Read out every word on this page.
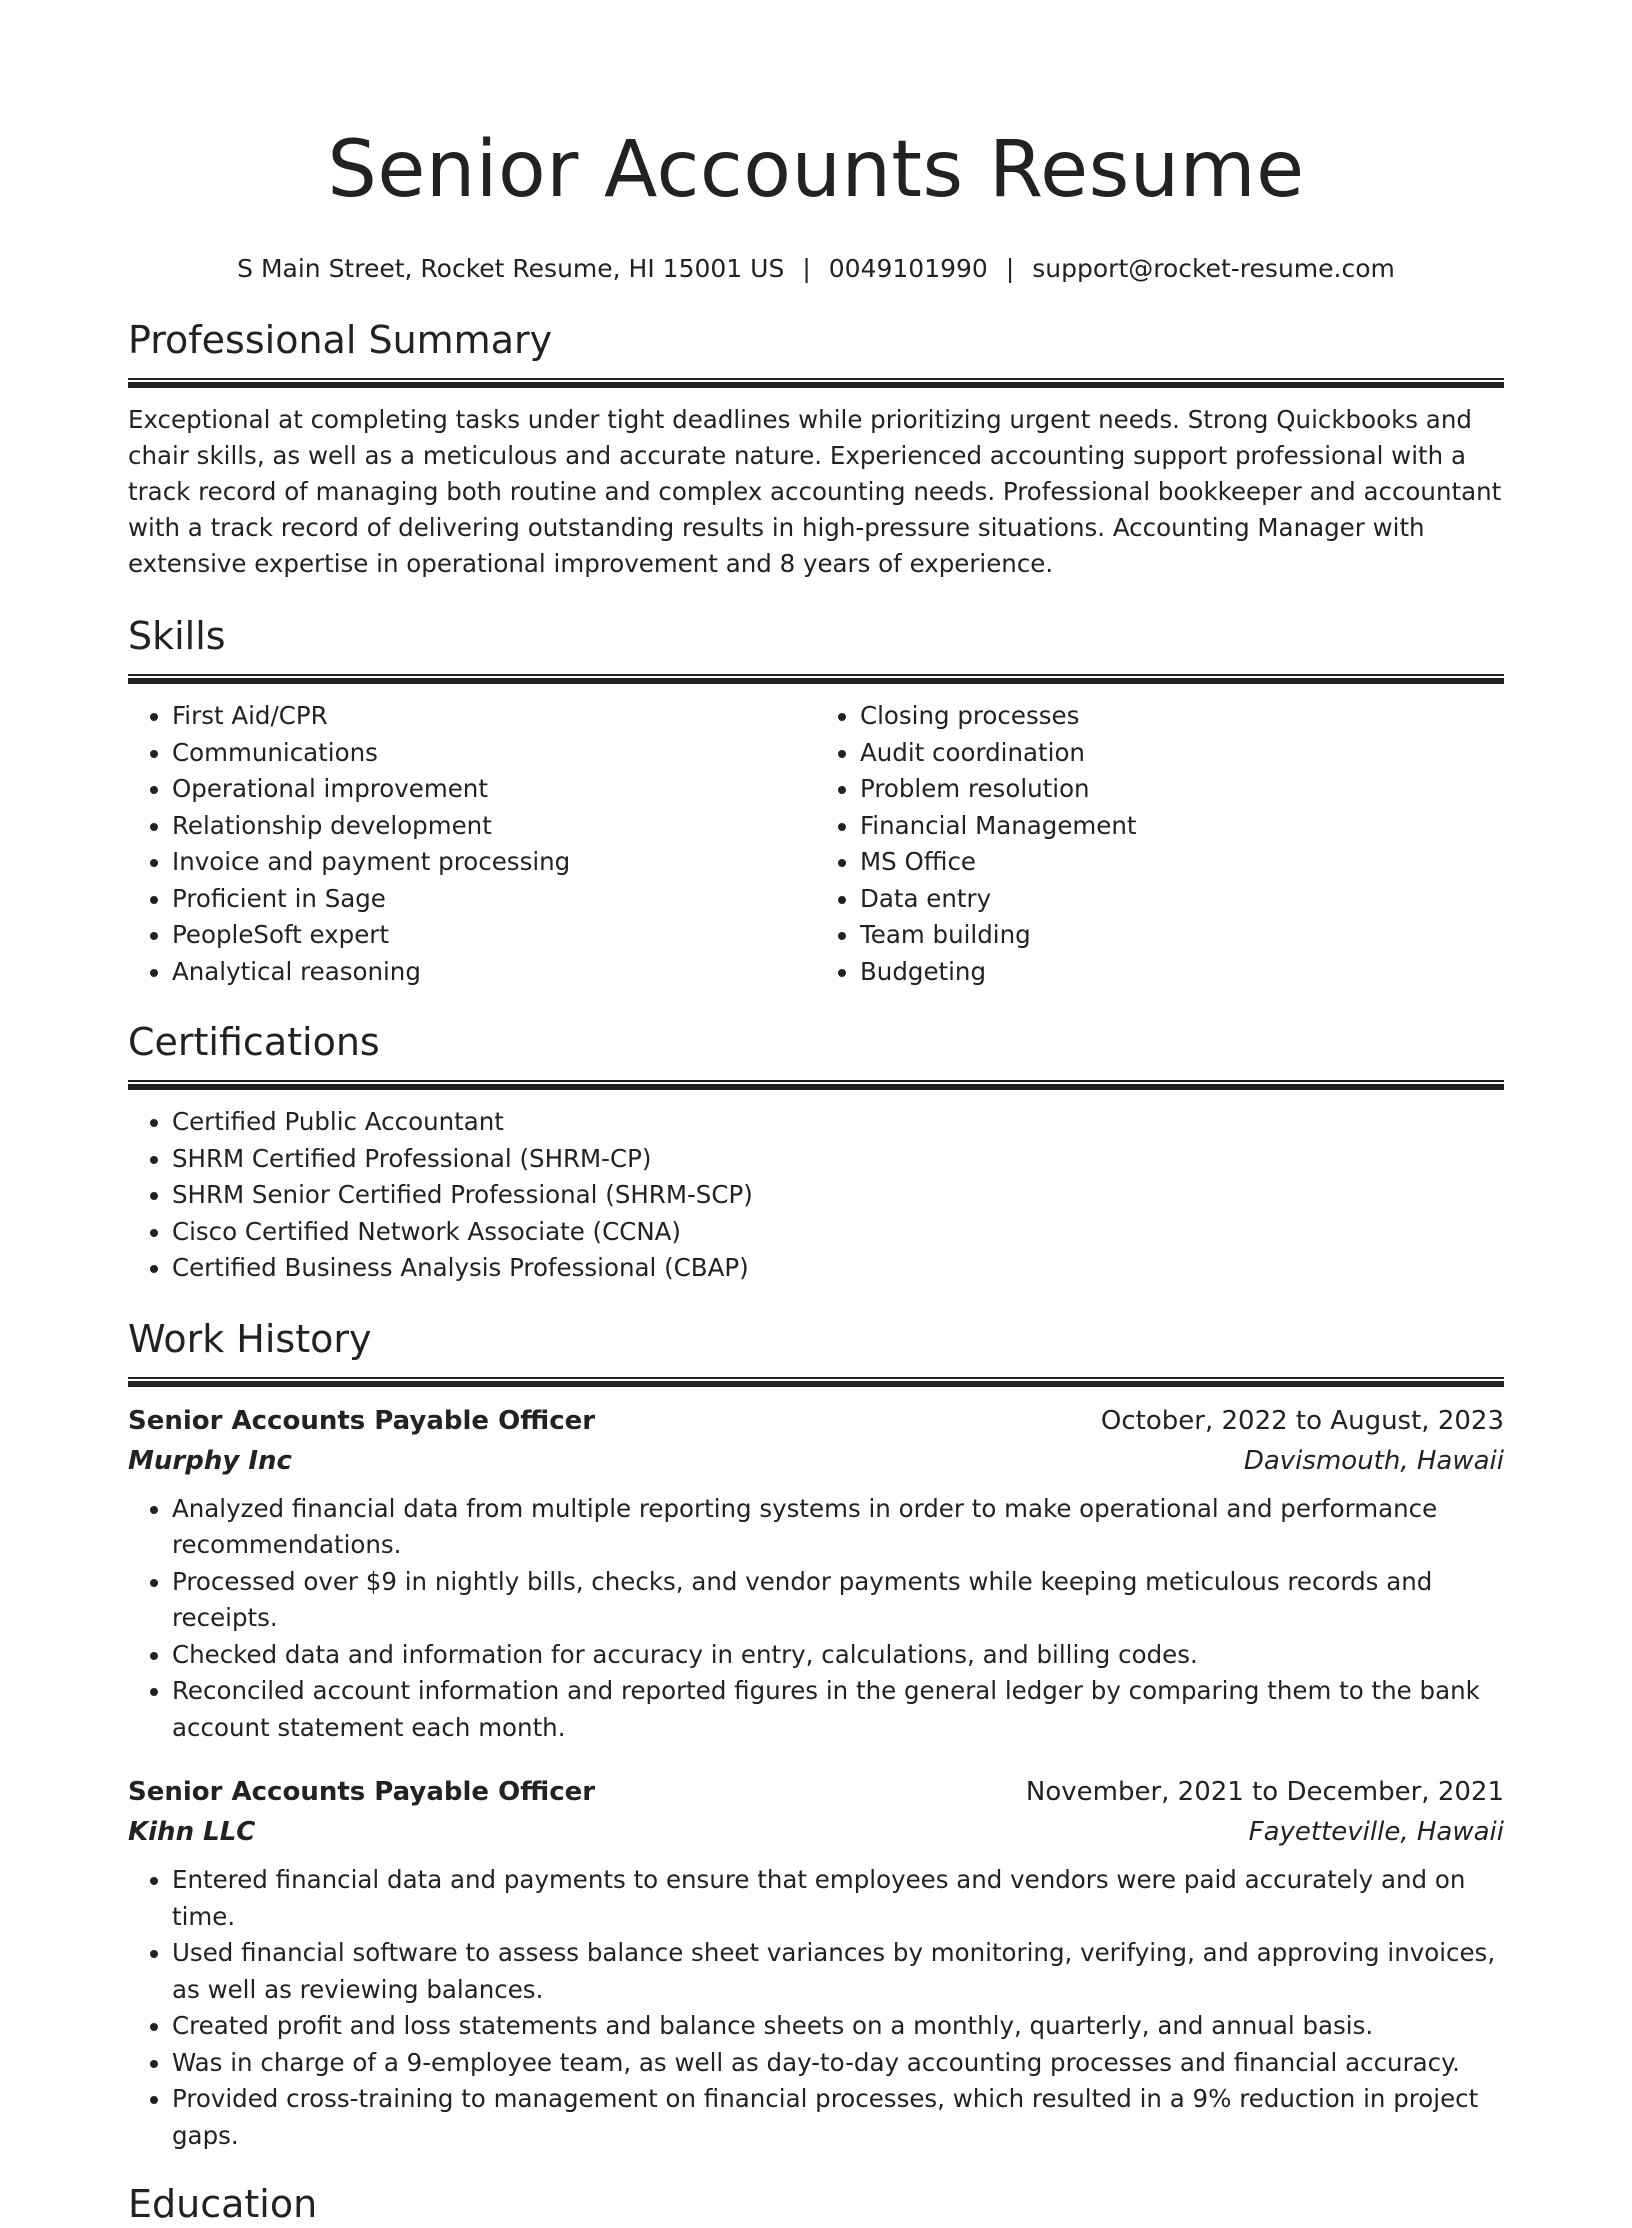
Senior Accounts Resume
S Main Street, Rocket Resume, HI 15001 US | 0049101990 | support@rocket-resume.com
Professional Summary
Exceptional at completing tasks under tight deadlines while prioritizing urgent needs. Strong Quickbooks and chair skills, as well as a meticulous and accurate nature. Experienced accounting support professional with a track record of managing both routine and complex accounting needs. Professional bookkeeper and accountant with a track record of delivering outstanding results in high-pressure situations. Accounting Manager with extensive expertise in operational improvement and 8 years of experience.
Skills
• First Aid/CPR
• Communications
• Operational improvement
• Relationship development
• Invoice and payment processing
• Proficient in Sage
• PeopleSoft expert
• Analytical reasoning
• Closing processes
• Audit coordination
• Problem resolution
• Financial Management
• MS Office
• Data entry
• Team building
• Budgeting
Certifications
• Certified Public Accountant
• SHRM Certified Professional (SHRM-CP)
• SHRM Senior Certified Professional (SHRM-SCP)
• Cisco Certified Network Associate (CCNA)
• Certified Business Analysis Professional (CBAP)
Work History
Senior Accounts Payable Officer	October, 2022 to August, 2023
Murphy Inc	Davismouth, Hawaii
• Analyzed financial data from multiple reporting systems in order to make operational and performance recommendations.
• Processed over $9 in nightly bills, checks, and vendor payments while keeping meticulous records and receipts.
• Checked data and information for accuracy in entry, calculations, and billing codes.
• Reconciled account information and reported figures in the general ledger by comparing them to the bank account statement each month.
Senior Accounts Payable Officer	November, 2021 to December, 2021
Kihn LLC	Fayetteville, Hawaii
• Entered financial data and payments to ensure that employees and vendors were paid accurately and on time.
• Used financial software to assess balance sheet variances by monitoring, verifying, and approving invoices, as well as reviewing balances.
• Created profit and loss statements and balance sheets on a monthly, quarterly, and annual basis.
• Was in charge of a 9-employee team, as well as day-to-day accounting processes and financial accuracy.
• Provided cross-training to management on financial processes, which resulted in a 9% reduction in project gaps.
Education
